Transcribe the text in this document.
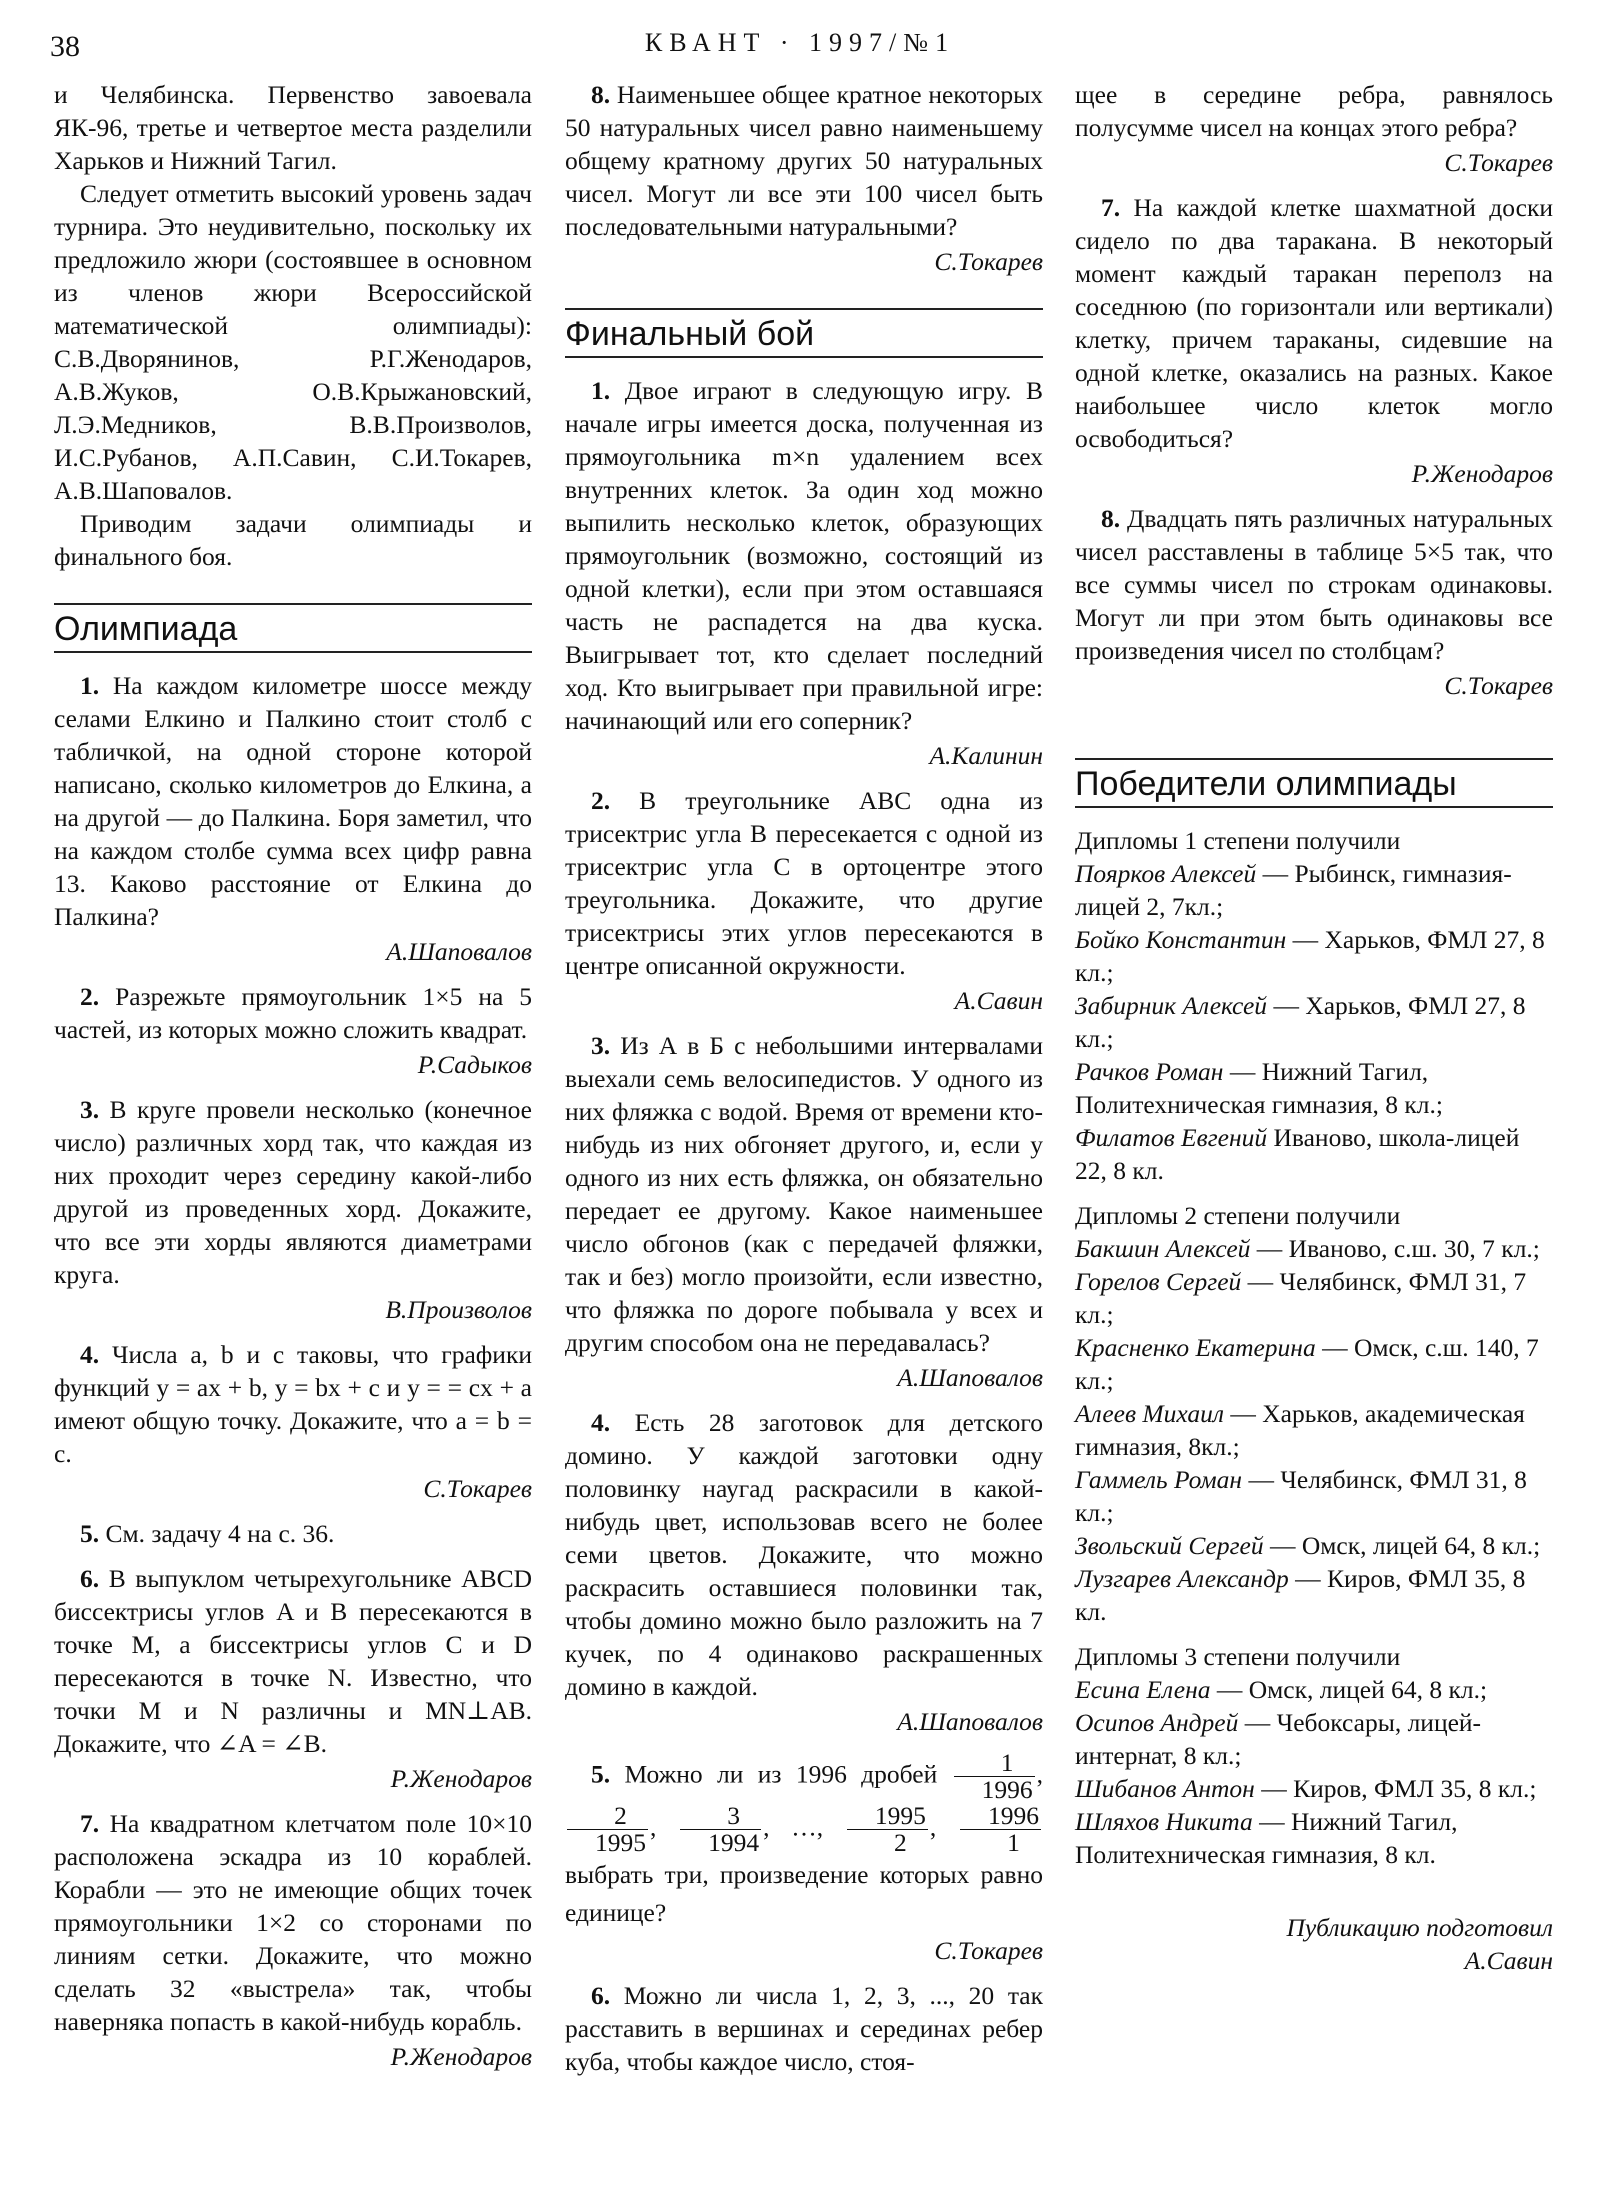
38	КВАНТ · 1997/№1

и Челябинска. Первенство завоевала ЯК-96, третье и четвертое места разделили Харьков и Нижний Тагил.

Следует отметить высокий уровень задач турнира. Это неудивительно, поскольку их предложило жюри (состоявшее в основном из членов жюри Всероссийской математической олимпиады): С.В.Дворянинов, Р.Г.Женодаров, А.В.Жуков, О.В.Крыжановский, Л.Э.Медников, В.В.Произволов, И.С.Рубанов, А.П.Савин, С.И.Токарев, А.В.Шаповалов.

Приводим задачи олимпиады и финального боя.

Олимпиада

1. На каждом километре шоссе между селами Елкино и Палкино стоит столб с табличкой, на одной стороне которой написано, сколько километров до Елкина, а на другой — до Палкина. Боря заметил, что на каждом столбе сумма всех цифр равна 13. Каково расстояние от Елкина до Палкина?

А.Шаповалов

2. Разрежьте прямоугольник 1×5 на 5 частей, из которых можно сложить квадрат.

Р.Садыков

3. В круге провели несколько (конечное число) различных хорд так, что каждая из них проходит через середину какой-либо другой из проведенных хорд. Докажите, что все эти хорды являются диаметрами круга.

В.Произволов

4. Числа a, b и c таковы, что графики функций y = ax + b, y = bx + c и y = = cx + a имеют общую точку. Докажите, что a = b = c.

С.Токарев

5. См. задачу 4 на с. 36.

6. В выпуклом четырехугольнике ABCD биссектрисы углов A и B пересекаются в точке M, а биссектрисы углов C и D пересекаются в точке N. Известно, что точки M и N различны и MN⊥AB. Докажите, что ∠A = ∠B.

Р.Женодаров

7. На квадратном клетчатом поле 10×10 расположена эскадра из 10 кораблей. Корабли — это не имеющие общих точек прямоугольники 1×2 со сторонами по линиям сетки. Докажите, что можно сделать 32 «выстрела» так, чтобы наверняка попасть в какой-нибудь корабль.

Р.Женодаров

8. Наименьшее общее кратное некоторых 50 натуральных чисел равно наименьшему общему кратному других 50 натуральных чисел. Могут ли все эти 100 чисел быть последовательными натуральными?

С.Токарев
Финальный бой

1. Двое играют в следующую игру. В начале игры имеется доска, полученная из прямоугольника m×n удалением всех внутренних клеток. За один ход можно выпилить несколько клеток, образующих прямоугольник (возможно, состоящий из одной клетки), если при этом оставшаяся часть не распадется на два куска. Выигрывает тот, кто сделает последний ход. Кто выигрывает при правильной игре: начинающий или его соперник?

А.Калинин

2. В треугольнике ABC одна из трисектрис угла B пересекается с одной из трисектрис угла C в ортоцентре этого треугольника. Докажите, что другие трисектрисы этих углов пересекаются в центре описанной окружности.

А.Савин

3. Из А в Б с небольшими интервалами выехали семь велосипедистов. У одного из них фляжка с водой. Время от времени кто-нибудь из них обгоняет другого, и, если у одного из них есть фляжка, он обязательно передает ее другому. Какое наименьшее число обгонов (как с передачей фляжки, так и без) могло произойти, если известно, что фляжка по дороге побывала у всех и другим способом она не передавалась?

А.Шаповалов

4. Есть 28 заготовок для детского домино. У каждой заготовки одну половинку наугад раскрасили в какой-нибудь цвет, использовав всего не более семи цветов. Докажите, что можно раскрасить оставшиеся половинки так, чтобы домино можно было разложить на 7 кучек, по 4 одинаково раскрашенных домино в каждой.

А.Шаповалов

5. Можно ли из 1996 дробей $\frac{1}{1996}$ ,
$\frac{2}{1995}$ , $\frac{3}{1994}$ , …, $\frac{1995}{2}$ , $\frac{1996}{1}$
выбрать три, произведение которых равно единице?

С.Токарев

6. Можно ли числа 1, 2, 3, ..., 20 так расставить в вершинах и серединах ребер куба, чтобы каждое число, стоя-

щее в середине ребра, равнялось полусумме чисел на концах этого ребра?

С.Токарев

7. На каждой клетке шахматной доски сидело по два таракана. В некоторый момент каждый таракан переполз на соседнюю (по горизонтали или вертикали) клетку, причем тараканы, сидевшие на одной клетке, оказались на разных. Какое наибольшее число клеток могло освободиться?

Р.Женодаров

8. Двадцать пять различных натуральных чисел расставлены в таблице 5×5 так, что все суммы чисел по строкам одинаковы. Могут ли при этом быть одинаковы все произведения чисел по столбцам?

С.Токарев
Победители олимпиады
Дипломы 1 степени получили

Поярков Алексей — Рыбинск, гимназия-лицей 2, 7кл.;

Бойко Константин — Харьков, ФМЛ 27, 8 кл.;

Забирник Алексей — Харьков, ФМЛ 27, 8 кл.;

Рачков Роман — Нижний Тагил, Политехническая гимназия, 8 кл.;

Филатов Евгений Иваново, школа-лицей 22, 8 кл.

Дипломы 2 степени получили

Бакшин Алексей — Иваново, с.ш. 30, 7 кл.;

Горелов Сергей — Челябинск, ФМЛ 31, 7 кл.;

Красненко Екатерина — Омск, с.ш. 140, 7 кл.;

Алеев Михаил — Харьков, академическая гимназия, 8кл.;

Гаммель Роман — Челябинск, ФМЛ 31, 8 кл.;

Звольский Сергей — Омск, лицей 64, 8 кл.;

Лузгарев Александр — Киров, ФМЛ 35, 8 кл.

Дипломы 3 степени получили

Есина Елена — Омск, лицей 64, 8 кл.;

Осипов Андрей — Чебоксары, лицей-интернат, 8 кл.;

Шибанов Антон — Киров, ФМЛ 35, 8 кл.;

Шляхов Никита — Нижний Тагил, Политехническая гимназия, 8 кл.

Публикацию подготовил
А.Савин
